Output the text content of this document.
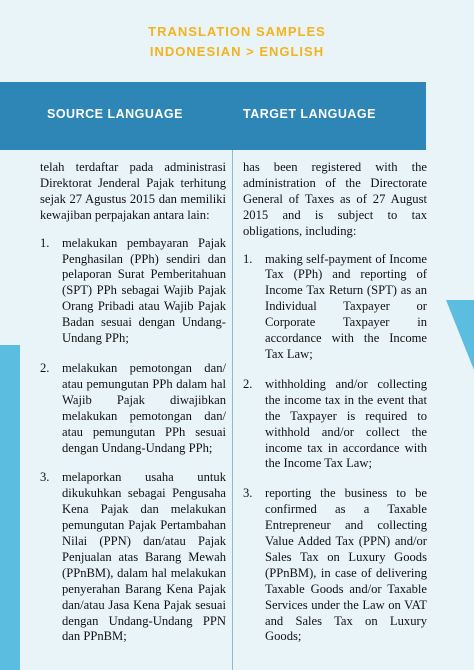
TRANSLATION SAMPLES
INDONESIAN > ENGLISH
SOURCE LANGUAGE	TARGET LANGUAGE

telah terdaftar pada administrasi Direktorat Jenderal Pajak terhitung sejak 27 Agustus 2015 dan memiliki kewajiban perpajakan antara lain:

1. melakukan pembayaran Pajak Penghasilan (PPh) sendiri dan pelaporan Surat Pemberitahuan (SPT) PPh sebagai Wajib Pajak Orang Pribadi atau Wajib Pajak Badan sesuai dengan Undang-Undang PPh;
2. melakukan pemotongan dan/ atau pemungutan PPh dalam hal Wajib Pajak diwajibkan melakukan pemotongan dan/ atau pemungutan PPh sesuai dengan Undang-Undang PPh;
3. melaporkan usaha untuk dikukuhkan sebagai Pengusaha Kena Pajak dan melakukan pemungutan Pajak Pertambahan Nilai (PPN) dan/atau Pajak Penjualan atas Barang Mewah (PPnBM), dalam hal melakukan penyerahan Barang Kena Pajak dan/atau Jasa Kena Pajak sesuai dengan Undang-Undang PPN dan PPnBM;

has been registered with the administration of the Directorate General of Taxes as of 27 August 2015 and is subject to tax obligations, including:

1. making self-payment of Income Tax (PPh) and reporting of Income Tax Return (SPT) as an Individual Taxpayer or Corporate Taxpayer in accordance with the Income Tax Law;
2. withholding and/or collecting the income tax in the event that the Taxpayer is required to withhold and/or collect the income tax in accordance with the Income Tax Law;
3. reporting the business to be confirmed as a Taxable Entrepreneur and collecting Value Added Tax (PPN) and/or Sales Tax on Luxury Goods (PPnBM), in case of delivering Taxable Goods and/or Taxable Services under the Law on VAT and Sales Tax on Luxury Goods;
